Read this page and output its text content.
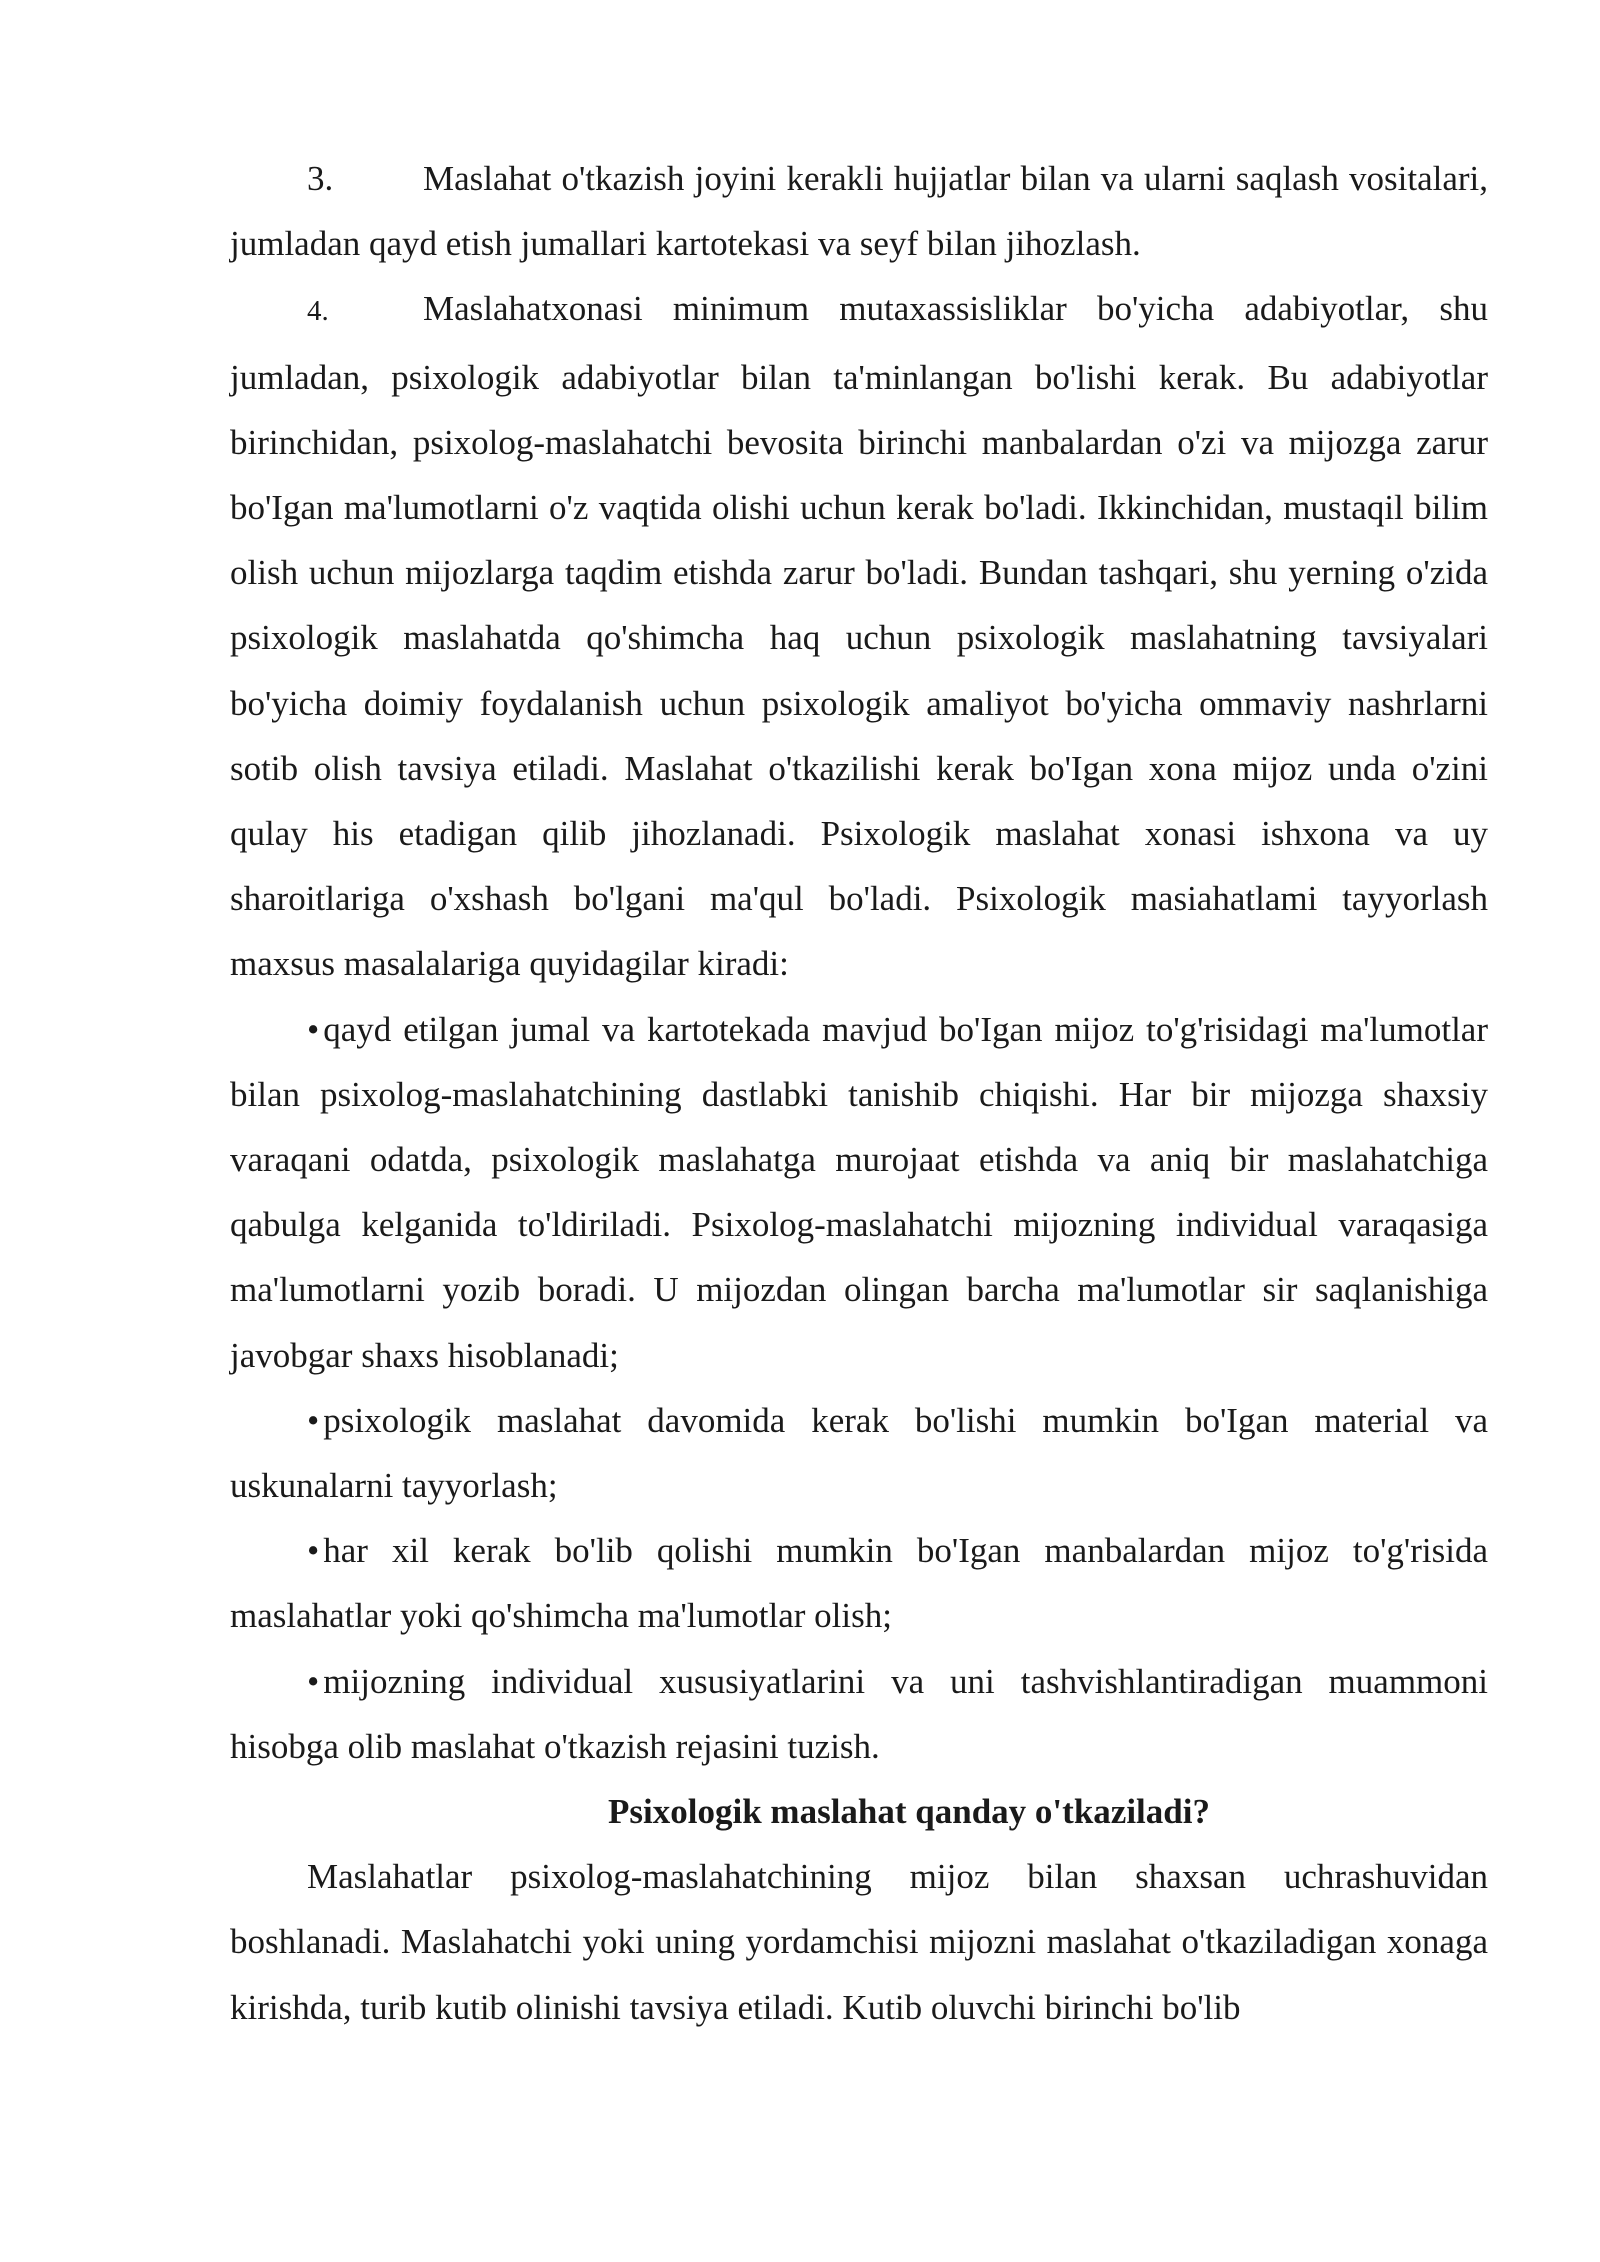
3.	Maslahat o'tkazish joyini kerakli hujjatlar bilan va ularni saqlash vositalari, jumladan qayd etish jumallari kartotekasi va seyf bilan jihozlash.

4.	Maslahatxonasi minimum mutaxassisliklar bo'yicha adabiyotlar, shu jumladan, psixologik adabiyotlar bilan ta'minlangan bo'lishi kerak. Bu adabiyotlar birinchidan, psixolog-maslahatchi bevosita birinchi manbalardan o'zi va mijozga zarur bo'Igan ma'lumotlarni o'z vaqtida olishi uchun kerak bo'ladi. Ikkinchidan, mustaqil bilim olish uchun mijozlarga taqdim etishda zarur bo'ladi. Bundan tashqari, shu yerning o'zida psixologik maslahatda qo'shimcha haq uchun psixologik maslahatning tavsiyalari bo'yicha doimiy foydalanish uchun psixologik amaliyot bo'yicha ommaviy nashrlarni sotib olish tavsiya etiladi. Maslahat o'tkazilishi kerak bo'Igan xona mijoz unda o'zini qulay his etadigan qilib jihozlanadi. Psixologik maslahat xonasi ishxona va uy sharoitlariga o'xshash bo'lgani ma'qul bo'ladi. Psixologik masiahatlami tayyorlash maxsus masalalariga quyidagilar kiradi:

• qayd etilgan jumal va kartotekada mavjud bo'Igan mijoz to'g'risidagi ma'lumotlar bilan psixolog-maslahatchining dastlabki tanishib chiqishi. Har bir mijozga shaxsiy varaqani odatda, psixologik maslahatga murojaat etishda va aniq bir maslahatchiga qabulga kelganida to'ldiriladi. Psixolog-maslahatchi mijozning individual varaqasiga ma'lumotlarni yozib boradi. U mijozdan olingan barcha ma'lumotlar sir saqlanishiga javobgar shaxs hisoblanadi;

• psixologik maslahat davomida kerak bo'lishi mumkin bo'Igan material va uskunalarni tayyorlash;

• har xil kerak bo'lib qolishi mumkin bo'Igan manbalardan mijoz to'g'risida maslahatlar yoki qo'shimcha ma'lumotlar olish;

• mijozning individual xususiyatlarini va uni tashvishlantiradigan muammoni hisobga olib maslahat o'tkazish rejasini tuzish.

Psixologik maslahat qanday o'tkaziladi?

Maslahatlar psixolog-maslahatchining mijoz bilan shaxsan uchrashuvidan boshlanadi. Maslahatchi yoki uning yordamchisi mijozni maslahat o'tkaziladigan xonaga kirishda, turib kutib olinishi tavsiya etiladi. Kutib oluvchi birinchi bo'lib
